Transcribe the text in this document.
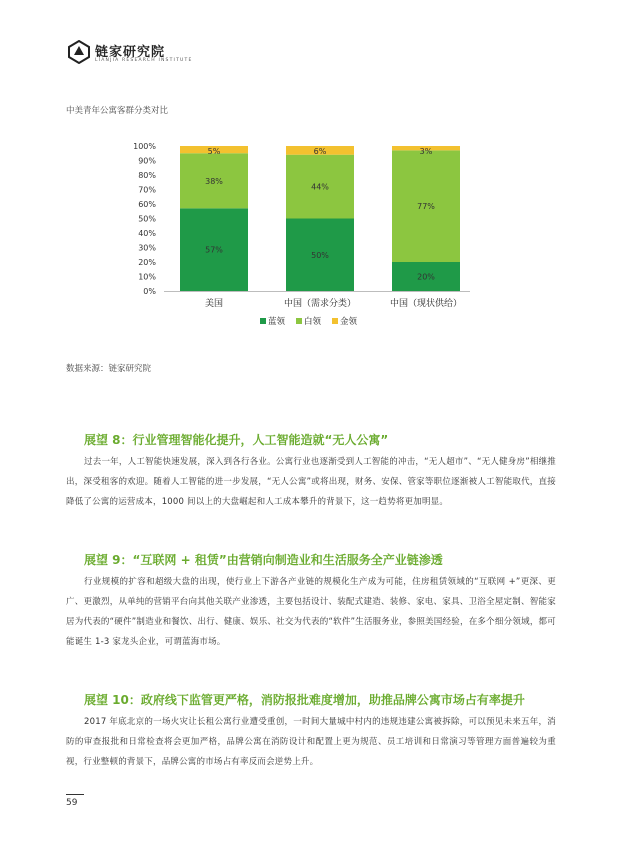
链家研究院
LIANJIA RESEARCH INSTITUTE
中美青年公寓客群分类对比
0%
10%
20%
30%
40%
50%
60%
70%
80%
90%
100%
57%
38%
5%
美国
50%
44%
6%
中国（需求分类）
20%
77%
3%
中国（现状供给）
蓝领 白领 金领
数据来源：链家研究院
展望 8：行业管理智能化提升，人工智能造就“无人公寓”

过去一年，人工智能快速发展，深入到各行各业。公寓行业也逐渐受到人工智能的冲击，“无人超市”、“无人健身房”相继推出，深受租客的欢迎。随着人工智能的进一步发展，“无人公寓”或将出现，财务、安保、管家等职位逐渐被人工智能取代，直接降低了公寓的运营成本，1000 间以上的大盘崛起和人工成本攀升的背景下，这一趋势将更加明显。

展望 9：“互联网 + 租赁”由营销向制造业和生活服务全产业链渗透

行业规模的扩容和超级大盘的出现，使行业上下游各产业链的规模化生产成为可能，住房租赁领域的“互联网 +”更深、更广、更激烈，从单纯的营销平台向其他关联产业渗透，主要包括设计、装配式建造、装修、家电、家具、卫浴全屋定制、智能家居为代表的“硬件”制造业和餐饮、出行、健康、娱乐、社交为代表的“软件”生活服务业，参照美国经验，在多个细分领域，都可能诞生 1-3 家龙头企业，可谓蓝海市场。

展望 10：政府线下监管更严格，消防报批难度增加，助推品牌公寓市场占有率提升

2017 年底北京的一场火灾让长租公寓行业遭受重创，一时间大量城中村内的违规违建公寓被拆除，可以预见未来五年，消防的审查报批和日常检查将会更加严格，品牌公寓在消防设计和配置上更为规范、员工培训和日常演习等管理方面普遍较为重视，行业整顿的背景下，品牌公寓的市场占有率反而会逆势上升。

59
